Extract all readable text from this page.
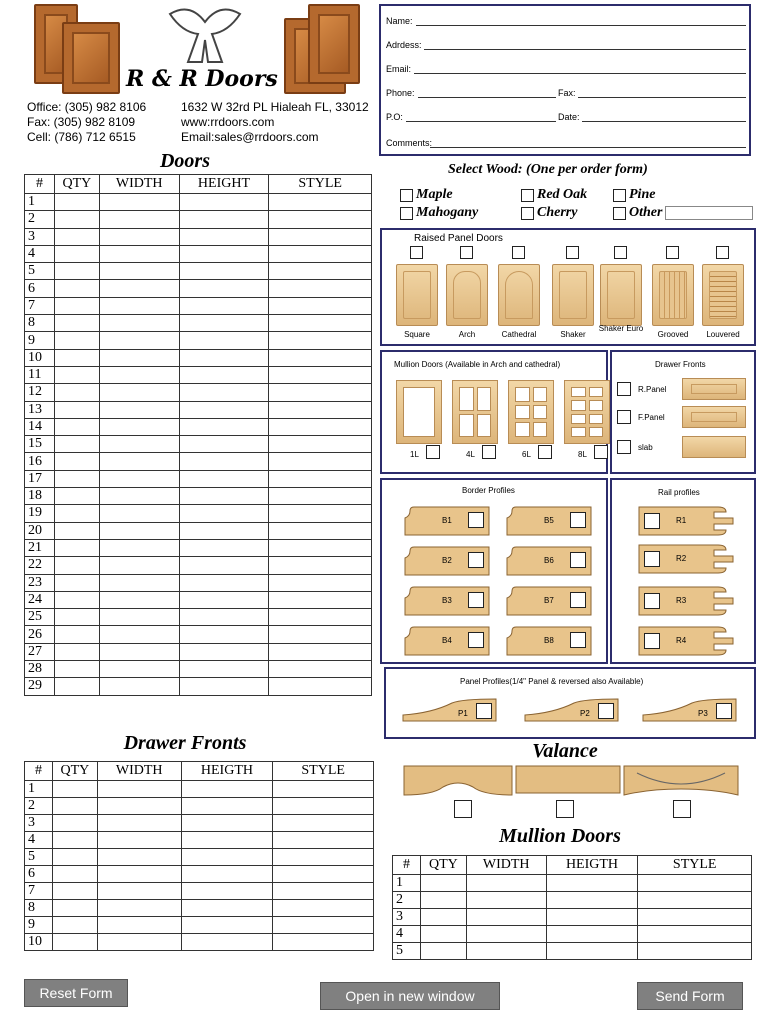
R & R Doors
Office: (305) 982 8106
Fax: (305) 982 8109
Cell: (786) 712 6515
1632 W 32rd PL Hialeah FL, 33012
www:rrdoors.com
Email:sales@rrdoors.com
Name:
Adrdess:
Email:
Phone:	Fax:
P.O:	Date:
Comments:
Doors
#	QTY	WIDTH	HEIGHT	STYLE
1				
2				
3				
4				
5				
6				
7				
8				
9				
10				
11				
12				
13				
14				
15				
16				
17				
18				
19				
20				
21				
22				
23				
24				
25				
26				
27				
28				
29				
Drawer Fronts
#	QTY	WIDTH	HEIGTH	STYLE
1				
2				
3				
4				
5				
6				
7				
8				
9				
10				
Select Wood: (One per order form)
Maple	Red Oak	Pine
Mahogany	Cherry	Other
Raised Panel Doors
Square	Arch	Cathedral	Shaker
Shaker Euro
Grooved	Louvered
Mullion Doors (Available in Arch and cathedral)
1L	4L	6L	8L
Drawer Fronts
R.Panel
F.Panel
slab
Border Profiles
B1	B5
B2	B6
B3	B7
B4	B8
Rail profiles
R1
R2
R3
R4
Panel Profiles(1/4" Panel & reversed also Available)
P1	P2	P3
Valance
Mullion Doors
#	QTY	WIDTH	HEIGTH	STYLE
1				
2				
3				
4				
5				
Reset Form	Open in new window	Send Form
